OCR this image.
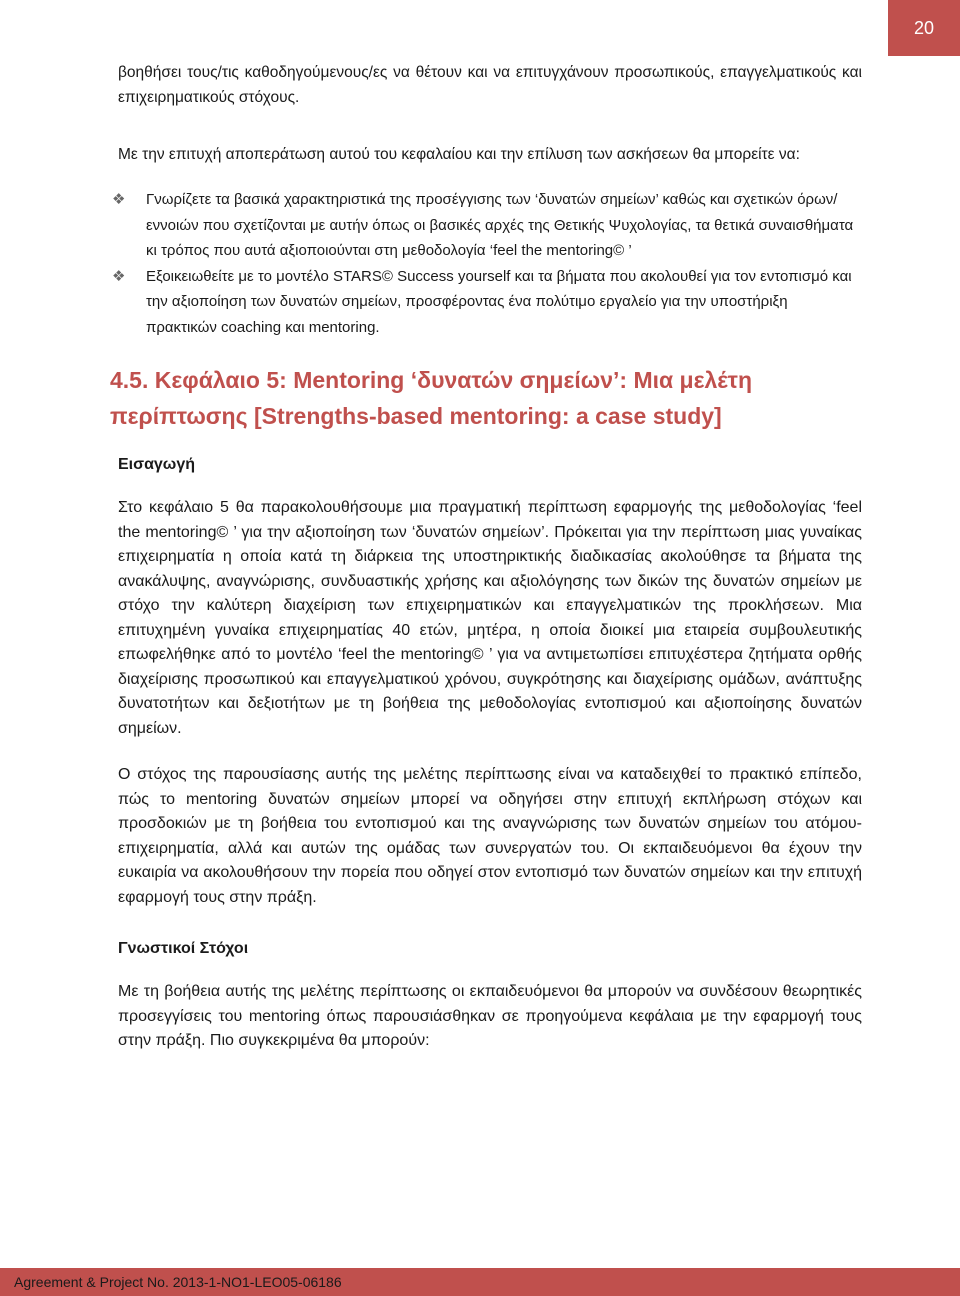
20

βοηθήσει τους/τις καθοδηγούμενους/ες να θέτουν και να επιτυγχάνουν προσωπικούς, επαγγελματικούς και επιχειρηματικούς στόχους.

Με την επιτυχή αποπεράτωση αυτού του κεφαλαίου και την επίλυση των ασκήσεων θα μπορείτε να:

❖ Γνωρίζετε τα βασικά χαρακτηριστικά της προσέγγισης των ‘δυνατών σημείων’ καθώς και σχετικών όρων/εννοιών που σχετίζονται με αυτήν όπως οι βασικές αρχές της Θετικής Ψυχολογίας, τα θετικά συναισθήματα κι τρόπος που αυτά αξιοποιούνται στη μεθοδολογία ‘feel the mentoring© ’
❖ Εξοικειωθείτε με το μοντέλο STARS© Success yourself και τα βήματα που ακολουθεί για τον εντοπισμό και την αξιοποίηση των δυνατών σημείων, προσφέροντας ένα πολύτιμο εργαλείο για την υποστήριξη πρακτικών coaching και mentoring.
4.5. Κεφάλαιο 5: Mentoring ‘δυνατών σημείων’: Μια μελέτη περίπτωσης [Strengths-based mentoring: a case study]
Εισαγωγή

Στο κεφάλαιο 5 θα παρακολουθήσουμε μια πραγματική περίπτωση εφαρμογής της μεθοδολογίας ‘feel the mentoring© ’ για την αξιοποίηση των ‘δυνατών σημείων’. Πρόκειται για την περίπτωση μιας γυναίκας επιχειρηματία η οποία κατά τη διάρκεια της υποστηρικτικής διαδικασίας ακολούθησε τα βήματα της ανακάλυψης, αναγνώρισης, συνδυαστικής χρήσης και αξιολόγησης των δικών της δυνατών σημείων με στόχο την καλύτερη διαχείριση των επιχειρηματικών και επαγγελματικών της προκλήσεων. Μια επιτυχημένη γυναίκα επιχειρηματίας 40 ετών, μητέρα, η οποία διοικεί μια εταιρεία συμβουλευτικής επωφελήθηκε από το μοντέλο ‘feel the mentoring© ’ για να αντιμετωπίσει επιτυχέστερα ζητήματα ορθής διαχείρισης προσωπικού και επαγγελματικού χρόνου, συγκρότησης και διαχείρισης ομάδων, ανάπτυξης δυνατοτήτων και δεξιοτήτων με τη βοήθεια της μεθοδολογίας εντοπισμού και αξιοποίησης δυνατών σημείων.

Ο στόχος της παρουσίασης αυτής της μελέτης περίπτωσης είναι να καταδειχθεί το πρακτικό επίπεδο, πώς το mentoring δυνατών σημείων μπορεί να οδηγήσει στην επιτυχή εκπλήρωση στόχων και προσδοκιών με τη βοήθεια του εντοπισμού και της αναγνώρισης των δυνατών σημείων του ατόμου-επιχειρηματία, αλλά και αυτών της ομάδας των συνεργατών του. Οι εκπαιδευόμενοι θα έχουν την ευκαιρία να ακολουθήσουν την πορεία που οδηγεί στον εντοπισμό των δυνατών σημείων και την επιτυχή εφαρμογή τους στην πράξη.

Γνωστικοί Στόχοι

Με τη βοήθεια αυτής της μελέτης περίπτωσης οι εκπαιδευόμενοι θα μπορούν να συνδέσουν θεωρητικές προσεγγίσεις του mentoring όπως παρουσιάσθηκαν σε προηγούμενα κεφάλαια με την εφαρμογή τους στην πράξη. Πιο συγκεκριμένα θα μπορούν:

Agreement & Project No. 2013-1-NO1-LEO05-06186
